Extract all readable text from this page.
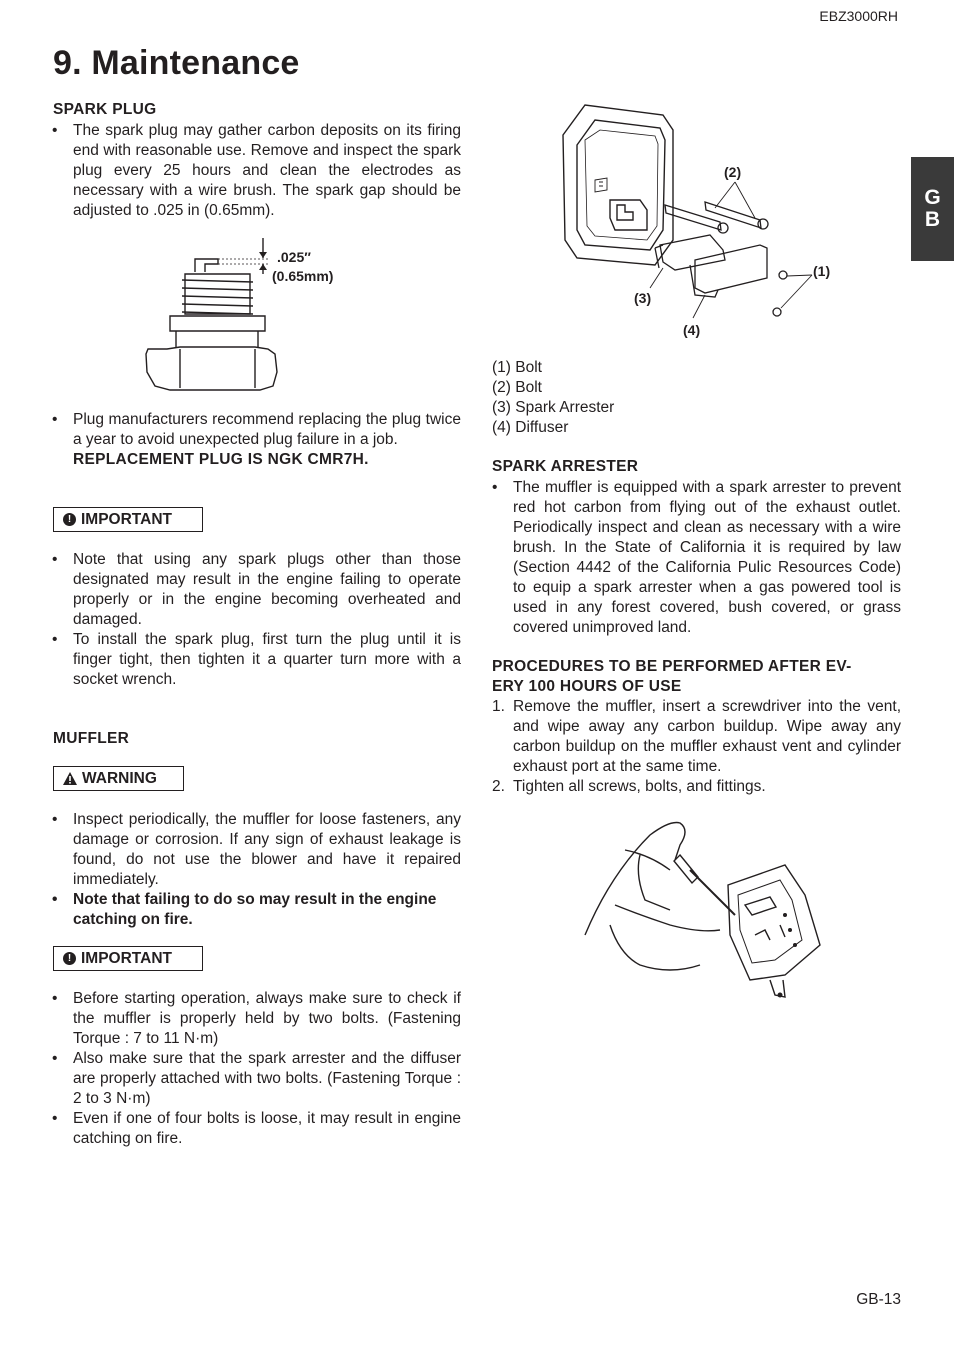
EBZ3000RH
9. Maintenance
G
B
SPARK PLUG
• The spark plug may gather carbon deposits on its firing end with reasonable use. Remove and inspect the spark plug every 25 hours and clean the electrodes as necessary with a wire brush. The spark gap should be adjusted to .025 in (0.65mm).
.025″
(0.65mm)
• Plug manufacturers recommend replacing the plug twice a year to avoid unexpected plug failure in a job.
REPLACEMENT PLUG IS NGK CMR7H.
! IMPORTANT
• Note that using any spark plugs other than those designated may result in the engine failing to operate properly or in the engine becoming overheated and damaged.
• To install the spark plug, first turn the plug until it is finger tight, then tighten it a quarter turn more with a socket wrench.
MUFFLER
WARNING
• Inspect periodically, the muffler for loose fasteners, any damage or corrosion. If any sign of exhaust leakage is found, do not use the blower and have it repaired immediately.
• Note that failing to do so may result in the engine catching on fire.
! IMPORTANT
• Before starting operation, always make sure to check if the muffler is properly held by two bolts. (Fastening Torque : 7 to 11 N·m)
• Also make sure that the spark arrester and the diffuser are properly attached with two bolts. (Fastening Torque : 2 to 3 N·m)
• Even if one of four bolts is loose, it may result in engine catching on fire.
(2)
(1)
(3)
(4)
(1) Bolt
(2) Bolt
(3) Spark Arrester
(4) Diffuser
SPARK ARRESTER
• The muffler is equipped with a spark arrester to prevent red hot carbon from flying out of the exhaust outlet. Periodically inspect and clean as necessary with a wire brush. In the State of California it is required by law (Section 4442 of the California Pulic Resources Code) to equip a spark arrester when a gas powered tool is used in any forest covered, bush covered, or grass covered unimproved land.
PROCEDURES TO BE PERFORMED AFTER EV-
ERY 100 HOURS OF USE
1. Remove the muffler, insert a screwdriver into the vent, and wipe away any carbon buildup. Wipe away any carbon buildup on the muffler exhaust vent and cylinder exhaust port at the same time.
2. Tighten all screws, bolts, and fittings.
GB-13
